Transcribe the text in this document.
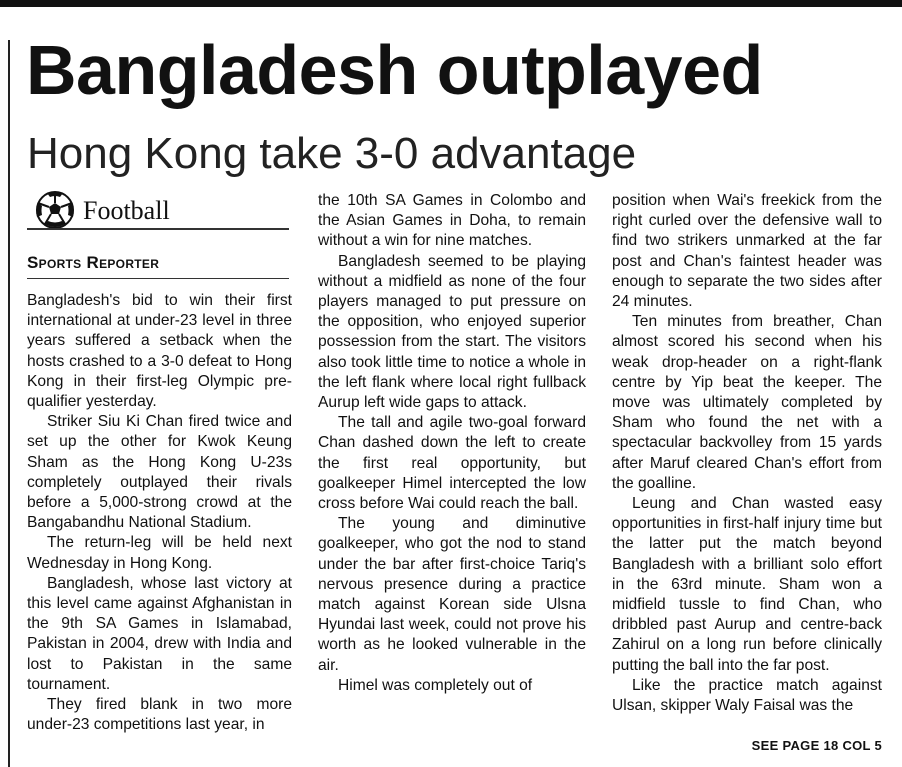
Bangladesh outplayed
Hong Kong take 3-0 advantage
Football
Sports Reporter

Bangladesh's bid to win their first international at under-23 level in three years suffered a setback when the hosts crashed to a 3-0 defeat to Hong Kong in their first-leg Olympic pre-qualifier yesterday.

Striker Siu Ki Chan fired twice and set up the other for Kwok Keung Sham as the Hong Kong U-23s completely outplayed their rivals before a 5,000-strong crowd at the Bangabandhu National Stadium.

The return-leg will be held next Wednesday in Hong Kong.

Bangladesh, whose last victory at this level came against Afghanistan in the 9th SA Games in Islamabad, Pakistan in 2004, drew with India and lost to Pakistan in the same tournament.

They fired blank in two more under-23 competitions last year, in

the 10th SA Games in Colombo and the Asian Games in Doha, to remain without a win for nine matches.

Bangladesh seemed to be playing without a midfield as none of the four players managed to put pressure on the opposition, who enjoyed superior possession from the start. The visitors also took little time to notice a whole in the left flank where local right fullback Aurup left wide gaps to attack.

The tall and agile two-goal forward Chan dashed down the left to create the first real opportunity, but goalkeeper Himel intercepted the low cross before Wai could reach the ball.

The young and diminutive goalkeeper, who got the nod to stand under the bar after first-choice Tariq's nervous presence during a practice match against Korean side Ulsna Hyundai last week, could not prove his worth as he looked vulnerable in the air.

Himel was completely out of

position when Wai's freekick from the right curled over the defensive wall to find two strikers unmarked at the far post and Chan's faintest header was enough to separate the two sides after 24 minutes.

Ten minutes from breather, Chan almost scored his second when his weak drop-header on a right-flank centre by Yip beat the keeper. The move was ultimately completed by Sham who found the net with a spectacular backvolley from 15 yards after Maruf cleared Chan's effort from the goalline.

Leung and Chan wasted easy opportunities in first-half injury time but the latter put the match beyond Bangladesh with a brilliant solo effort in the 63rd minute. Sham won a midfield tussle to find Chan, who dribbled past Aurup and centre-back Zahirul on a long run before clinically putting the ball into the far post.

Like the practice match against Ulsan, skipper Waly Faisal was the

SEE PAGE 18 COL 5
